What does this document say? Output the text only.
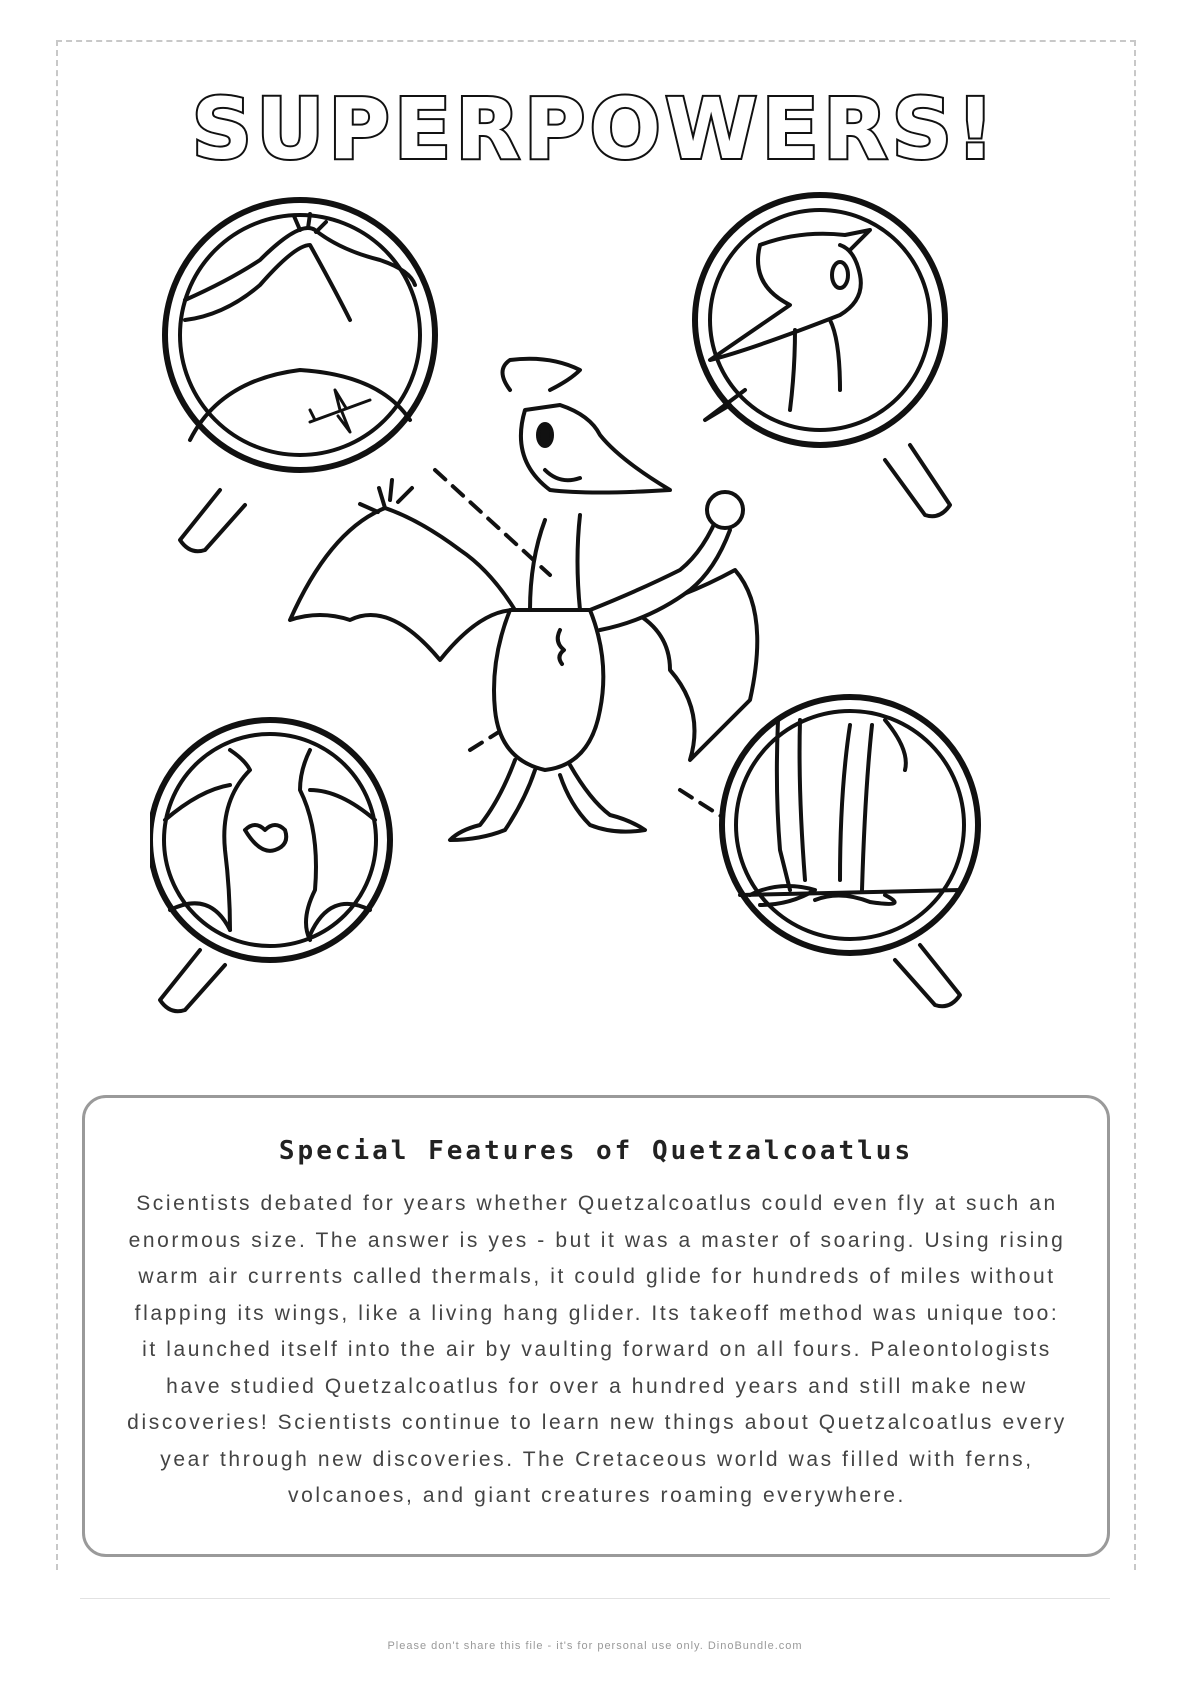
SUPERPOWERS!
Special Features of Quetzalcoatlus
Scientists debated for years whether Quetzalcoatlus could even fly at such an enormous size. The answer is yes - but it was a master of soaring. Using rising warm air currents called thermals, it could glide for hundreds of miles without flapping its wings, like a living hang glider. Its takeoff method was unique too: it launched itself into the air by vaulting forward on all fours. Paleontologists have studied Quetzalcoatlus for over a hundred years and still make new discoveries! Scientists continue to learn new things about Quetzalcoatlus every year through new discoveries. The Cretaceous world was filled with ferns, volcanoes, and giant creatures roaming everywhere.
Please don't share this file - it's for personal use only. DinoBundle.com
